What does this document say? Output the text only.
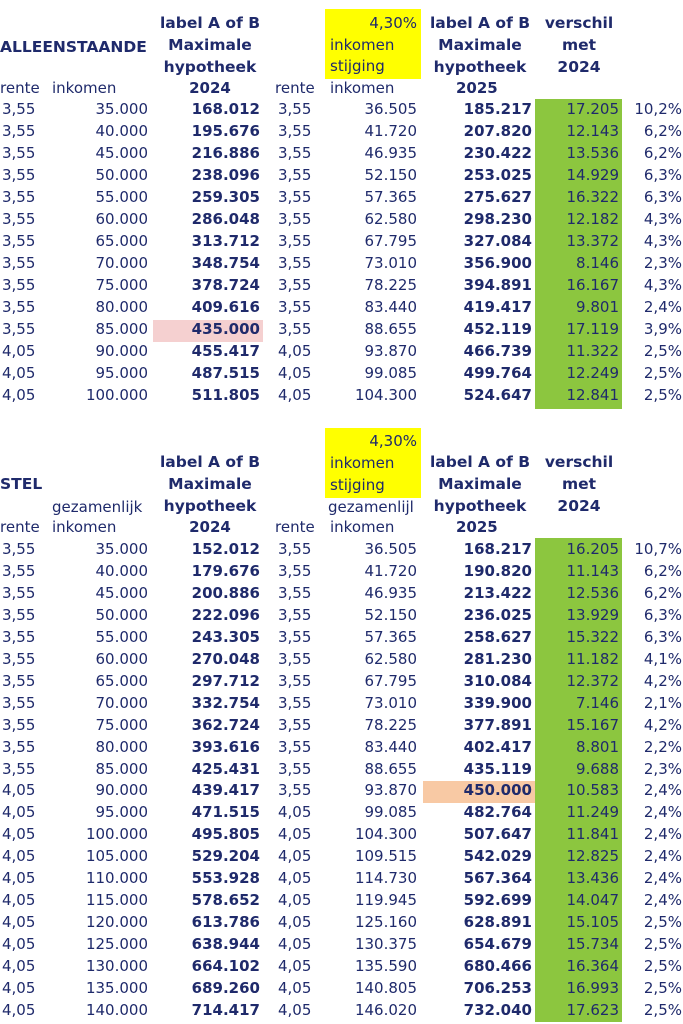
ALLEENSTAANDE
label A of B
Maximale
hypotheek
4,30%
inkomen
stijging
label A of B
Maximale
hypotheek
verschil
met
2024
rente inkomen	2024	rente inkomen	2025
3,55	35.000	168.012 3,55	36.505	185.217	17.205	10,2%
3,55	40.000	195.676 3,55	41.720	207.820	12.143	6,2%
3,55	45.000	216.886 3,55	46.935	230.422	13.536	6,2%
3,55	50.000	238.096 3,55	52.150	253.025	14.929	6,3%
3,55	55.000	259.305 3,55	57.365	275.627	16.322	6,3%
3,55	60.000	286.048 3,55	62.580	298.230	12.182	4,3%
3,55	65.000	313.712 3,55	67.795	327.084	13.372	4,3%
3,55	70.000	348.754 3,55	73.010	356.900	8.146	2,3%
3,55	75.000	378.724 3,55	78.225	394.891	16.167	4,3%
3,55	80.000	409.616 3,55	83.440	419.417	9.801	2,4%
3,55	85.000	435.000 3,55	88.655	452.119	17.119	3,9%
4,05	90.000	455.417 4,05	93.870	466.739	11.322	2,5%
4,05	95.000	487.515 4,05	99.085	499.764	12.249	2,5%
4,05	100.000	511.805 4,05	104.300	524.647	12.841	2,5%
4,30%
inkomen
stijging
label A of B
Maximale
hypotheek
label A of B
Maximale
hypotheek
verschil
met
2024
STEL
gezamenlijk	gezamenlijl
rente inkomen	2024	rente inkomen	2025
3,55	35.000	152.012 3,55	36.505	168.217	16.205	10,7%
3,55	40.000	179.676 3,55	41.720	190.820	11.143	6,2%
3,55	45.000	200.886 3,55	46.935	213.422	12.536	6,2%
3,55	50.000	222.096 3,55	52.150	236.025	13.929	6,3%
3,55	55.000	243.305 3,55	57.365	258.627	15.322	6,3%
3,55	60.000	270.048 3,55	62.580	281.230	11.182	4,1%
3,55	65.000	297.712 3,55	67.795	310.084	12.372	4,2%
3,55	70.000	332.754 3,55	73.010	339.900	7.146	2,1%
3,55	75.000	362.724 3,55	78.225	377.891	15.167	4,2%
3,55	80.000	393.616 3,55	83.440	402.417	8.801	2,2%
3,55	85.000	425.431 3,55	88.655	435.119	9.688	2,3%
4,05	90.000	439.417 3,55	93.870	450.000	10.583	2,4%
4,05	95.000	471.515 4,05	99.085	482.764	11.249	2,4%
4,05	100.000	495.805 4,05	104.300	507.647	11.841	2,4%
4,05	105.000	529.204 4,05	109.515	542.029	12.825	2,4%
4,05	110.000	553.928 4,05	114.730	567.364	13.436	2,4%
4,05	115.000	578.652 4,05	119.945	592.699	14.047	2,4%
4,05	120.000	613.786 4,05	125.160	628.891	15.105	2,5%
4,05	125.000	638.944 4,05	130.375	654.679	15.734	2,5%
4,05	130.000	664.102 4,05	135.590	680.466	16.364	2,5%
4,05	135.000	689.260 4,05	140.805	706.253	16.993	2,5%
4,05	140.000	714.417 4,05	146.020	732.040	17.623	2,5%
